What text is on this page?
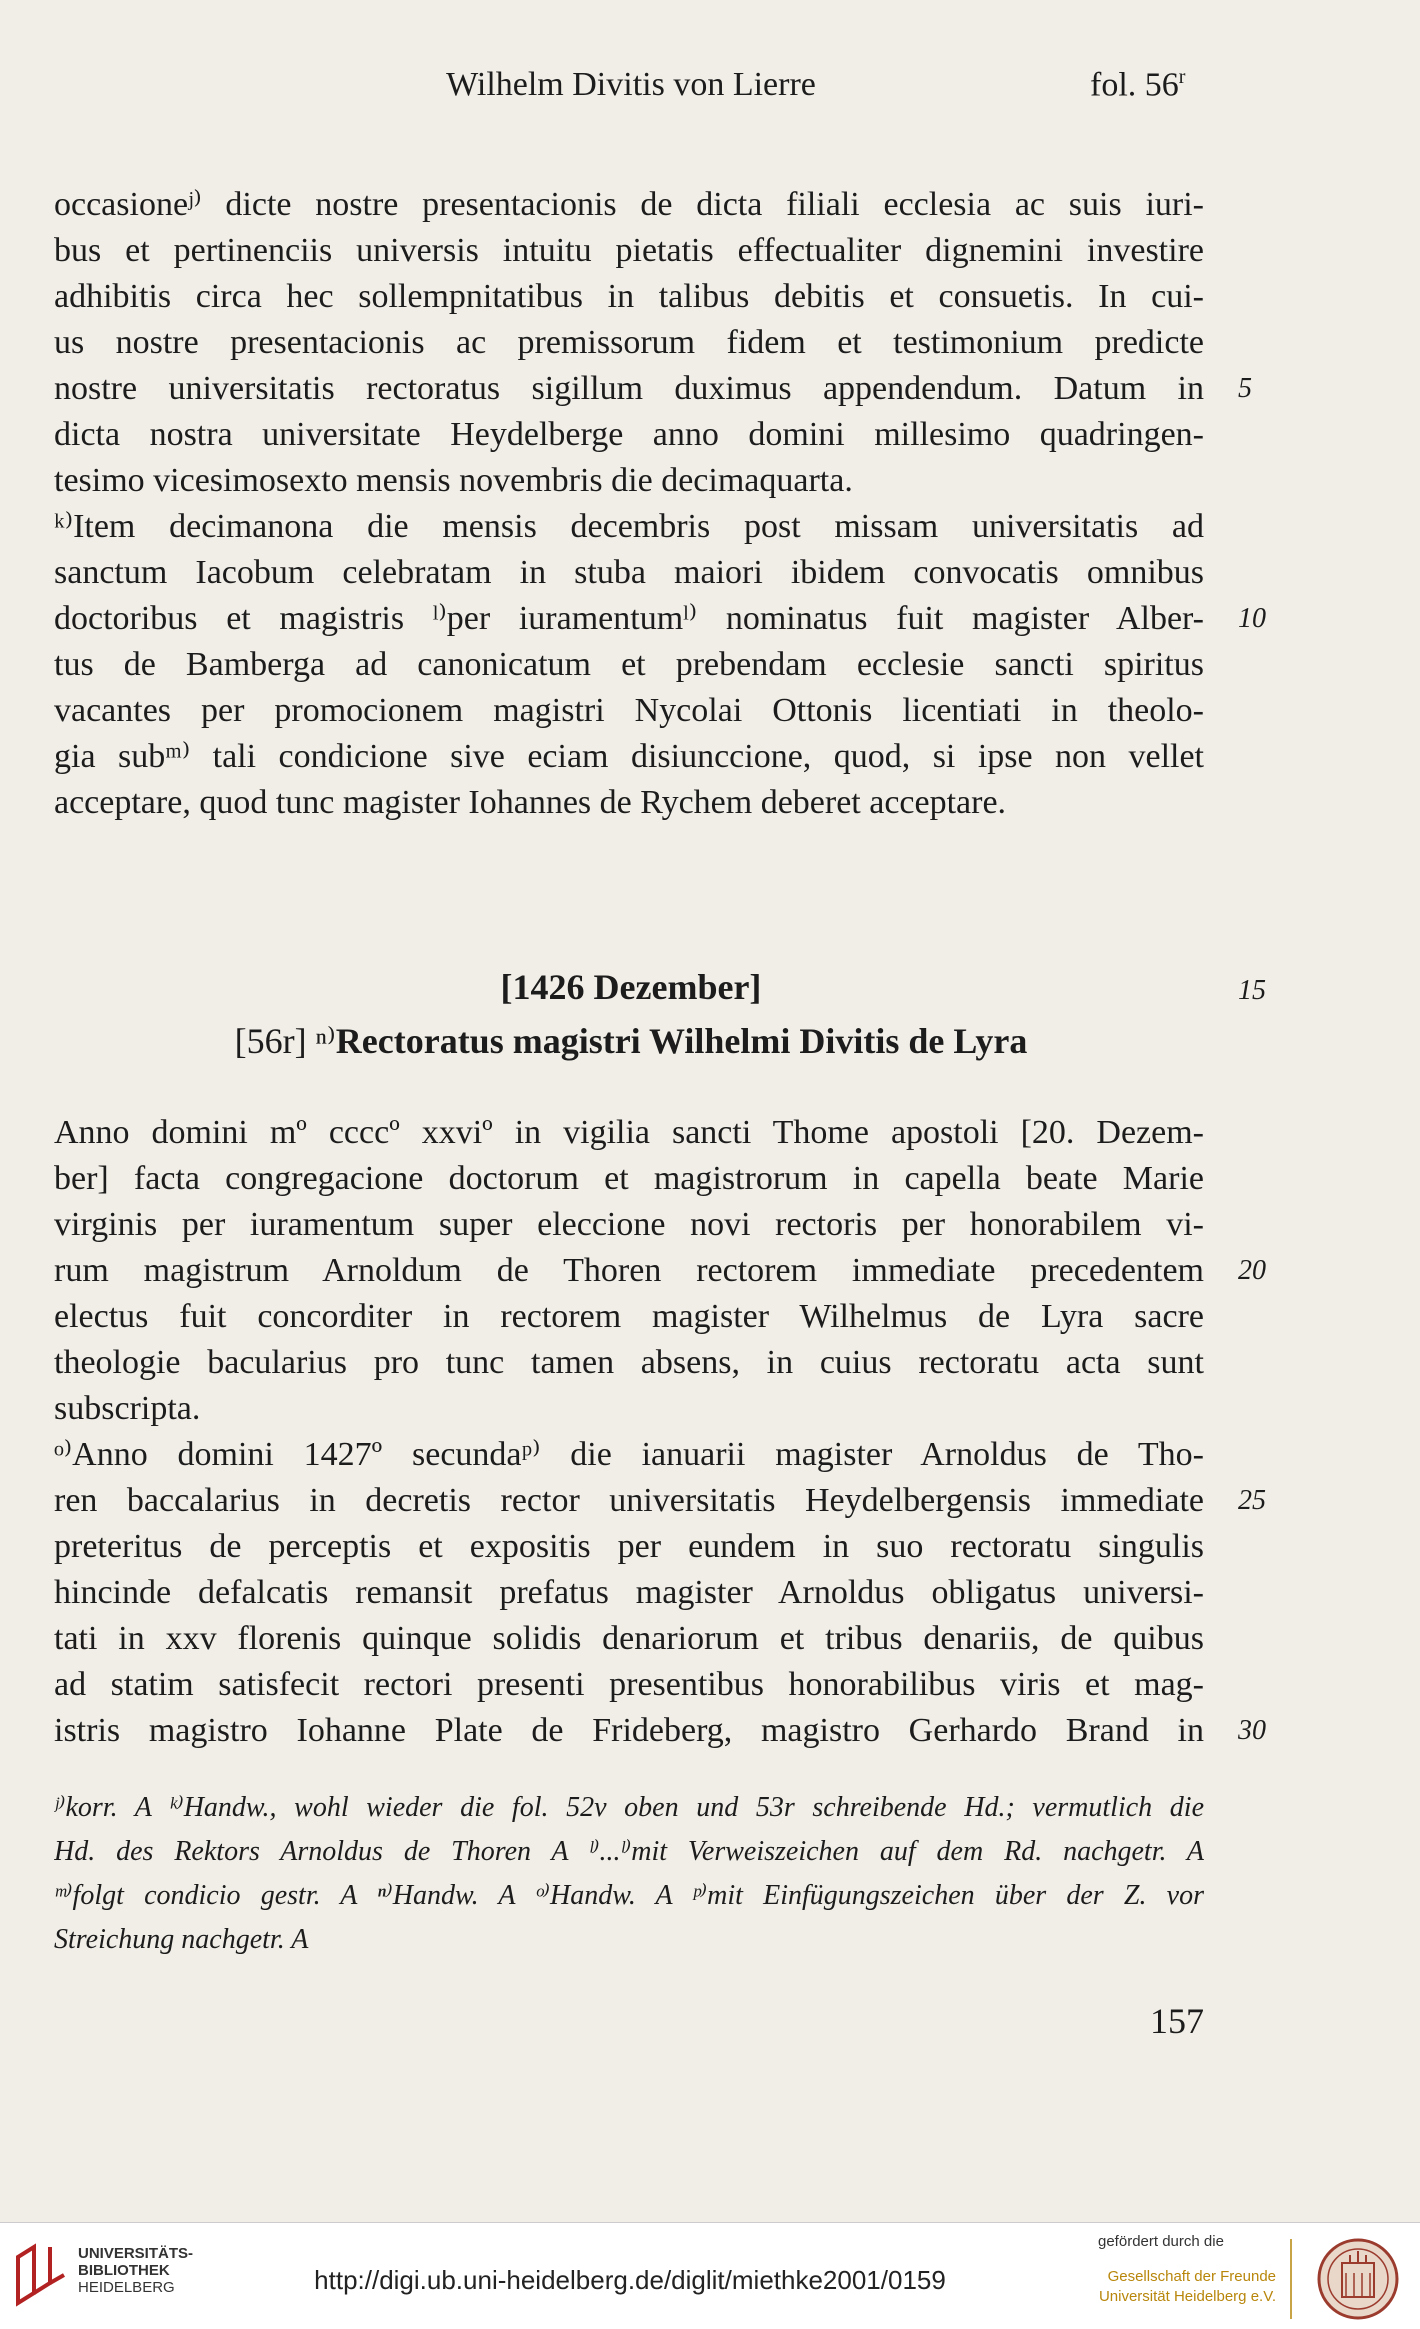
Wilhelm Divitis von Lierre	fol. 56$^r$
occasioneʲ⁾ dicte nostre presentacionis de dicta filiali ecclesia ac suis iuri-
bus et pertinenciis universis intuitu pietatis effectualiter dignemini investire
adhibitis circa hec sollempnitatibus in talibus debitis et consuetis. In cui-
us nostre presentacionis ac premissorum fidem et testimonium predicte
nostre universitatis rectoratus sigillum duximus appendendum. Datum in
dicta nostra universitate Heydelberge anno domini millesimo quadringen-
tesimo vicesimosexto mensis novembris die decimaquarta.
ᵏ⁾Item decimanona die mensis decembris post missam universitatis ad
sanctum Iacobum celebratam in stuba maiori ibidem convocatis omnibus
doctoribus et magistris ˡ⁾per iuramentumˡ⁾ nominatus fuit magister Alber-
tus de Bamberga ad canonicatum et prebendam ecclesie sancti spiritus
vacantes per promocionem magistri Nycolai Ottonis licentiati in theolo-
gia subᵐ⁾ tali condicione sive eciam disiunccione, quod, si ipse non vellet
acceptare, quod tunc magister Iohannes de Rychem deberet acceptare.
5
10
[1426 Dezember]	15
[56r] ⁿ⁾Rectoratus magistri Wilhelmi Divitis de Lyra
Anno domini mº ccccº xxviº in vigilia sancti Thome apostoli [20. Dezem-
ber] facta congregacione doctorum et magistrorum in capella beate Marie
virginis per iuramentum super eleccione novi rectoris per honorabilem vi-
rum magistrum Arnoldum de Thoren rectorem immediate precedentem
electus fuit concorditer in rectorem magister Wilhelmus de Lyra sacre
theologie bacularius pro tunc tamen absens, in cuius rectoratu acta sunt
subscripta.
ᵒ⁾Anno domini 1427º secundaᵖ⁾ die ianuarii magister Arnoldus de Tho-
ren baccalarius in decretis rector universitatis Heydelbergensis immediate
preteritus de perceptis et expositis per eundem in suo rectoratu singulis
hincinde defalcatis remansit prefatus magister Arnoldus obligatus universi-
tati in xxv florenis quinque solidis denariorum et tribus denariis, de quibus
ad statim satisfecit rectori presenti presentibus honorabilibus viris et mag-
istris magistro Iohanne Plate de Frideberg, magistro Gerhardo Brand in
20
25
30
ʲ⁾korr. A ᵏ⁾Handw., wohl wieder die fol. 52v oben und 53r schreibende Hd.; vermutlich die
Hd. des Rektors Arnoldus de Thoren A ˡ⁾...ˡ⁾mit Verweiszeichen auf dem Rd. nachgetr. A
ᵐ⁾folgt condicio gestr. A ⁿ⁾Handw. A ᵒ⁾Handw. A ᵖ⁾mit Einfügungszeichen über der Z. vor
Streichung nachgetr. A
157
UNIVERSITÄTS-
BIBLIOTHEK
HEIDELBERG	http://digi.ub.uni-heidelberg.de/diglit/miethke2001/0159
gefördert durch die
Gesellschaft der Freunde
Universität Heidelberg e.V.
